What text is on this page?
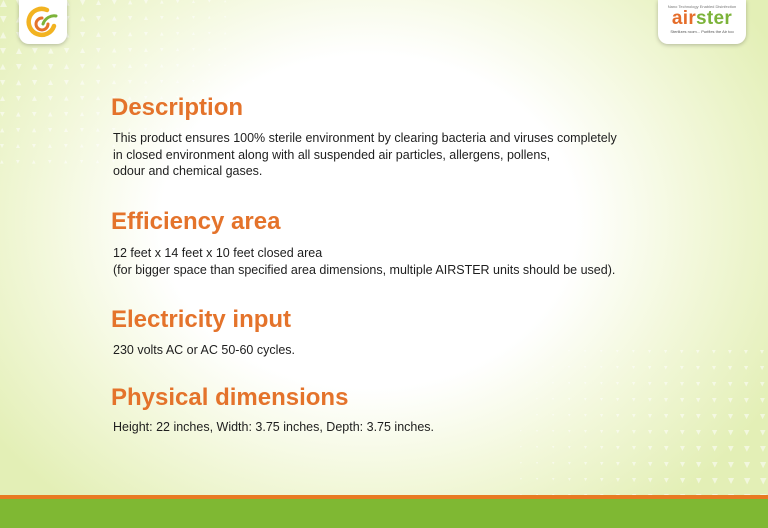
Nano Technology Enabled Disinfection
airster
Sterilizes room... Purifies the Air too
Description

This product ensures 100% sterile environment by clearing bacteria and viruses completely
in closed environment along with all suspended air particles, allergens, pollens,
odour and chemical gases.

Efficiency area

12 feet x 14 feet x 10 feet closed area
(for bigger space than specified area dimensions, multiple AIRSTER units should be used).

Electricity input

230 volts AC or AC 50-60 cycles.

Physical dimensions

Height: 22 inches, Width: 3.75 inches, Depth: 3.75 inches.
